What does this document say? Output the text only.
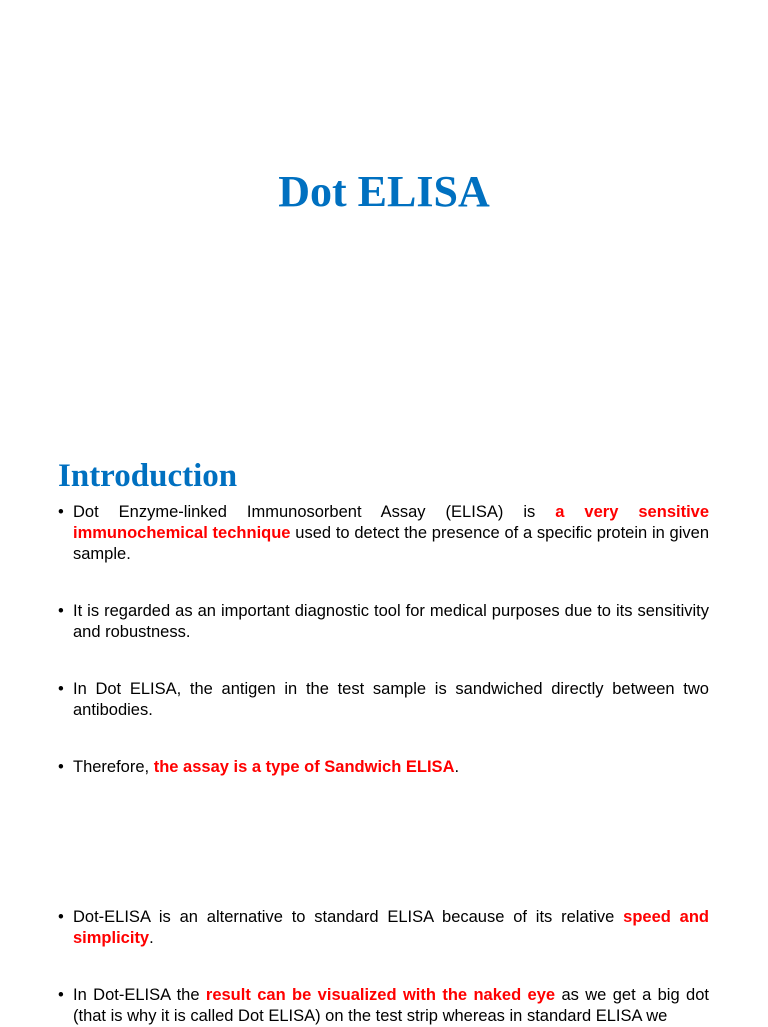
Dot ELISA
Introduction
• Dot Enzyme-linked Immunosorbent Assay (ELISA) is a very sensitive immunochemical technique used to detect the presence of a specific protein in given sample.
• It is regarded as an important diagnostic tool for medical purposes due to its sensitivity and robustness.
• In Dot ELISA, the antigen in the test sample is sandwiched directly between two antibodies.
• Therefore, the assay is a type of Sandwich ELISA.
• Dot-ELISA is an alternative to standard ELISA because of its relative speed and simplicity.
• In Dot-ELISA the result can be visualized with the naked eye as we get a big dot (that is why it is called Dot ELISA) on the test strip whereas in standard ELISA we
